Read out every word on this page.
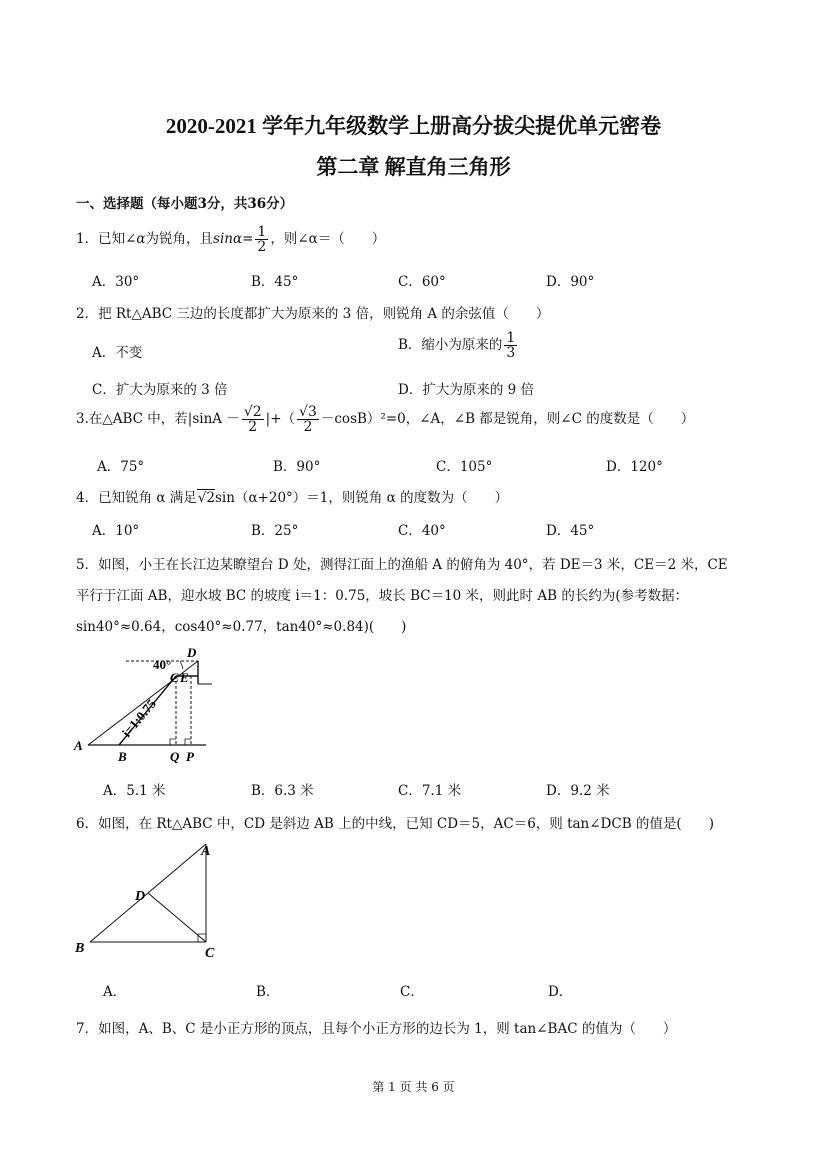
2020-2021 学年九年级数学上册高分拔尖提优单元密卷
第二章 解直角三角形
一、选择题（每小题3分，共36分）
1．已知∠α为锐角，且$\sin\alpha= \frac{1}{2}$ ，则∠α＝（　　）
A．30°	B．45°	C．60°	D．90°
2．把 Rt△ABC 三边的长度都扩大为原来的 3 倍，则锐角 A 的余弦值（　　）
A．不变	B．缩小为原来的 $\frac{1}{3}$
C．扩大为原来的 3 倍	D．扩大为原来的 9 倍
3.在△ABC 中，若$|\sin A - \frac{√2}{2}$ |+（ $\frac{√3}{2} -\cos B)^2=0$，∠A，∠B 都是锐角，则∠C 的度数是（　　）
A．75°	B．90°	C．105°	D．120°
4．已知锐角 α 满足√2sin（α+20°）＝1，则锐角 α 的度数为（　　）
A．10°	B．25°	C．40°	D．45°
5．如图，小王在长江边某瞭望台 D 处，测得江面上的渔船 A 的俯角为 40°，若 DE＝3 米，CE＝2 米，CE
平行于江面 AB，迎水坡 BC 的坡度 i＝1：0.75，坡长 BC＝10 米，则此时 AB 的长约为(参考数据：
sin40°≈0.64，cos40°≈0.77，tan40°≈0.84)(　　)
40°
D
C E
i=1:0.75
A
B	Q P
A．5.1 米	B．6.3 米	C．7.1 米	D．9.2 米
6．如图，在 Rt△ABC 中，CD 是斜边 AB 上的中线，已知 CD＝5，AC＝6，则 tan∠DCB 的值是(　　)
A
D
B	C
A．	B．	C．	D．
7．如图，A、B、C 是小正方形的顶点，且每个小正方形的边长为 1，则 tan∠BAC 的值为（　　）
第 1 页 共 6 页
